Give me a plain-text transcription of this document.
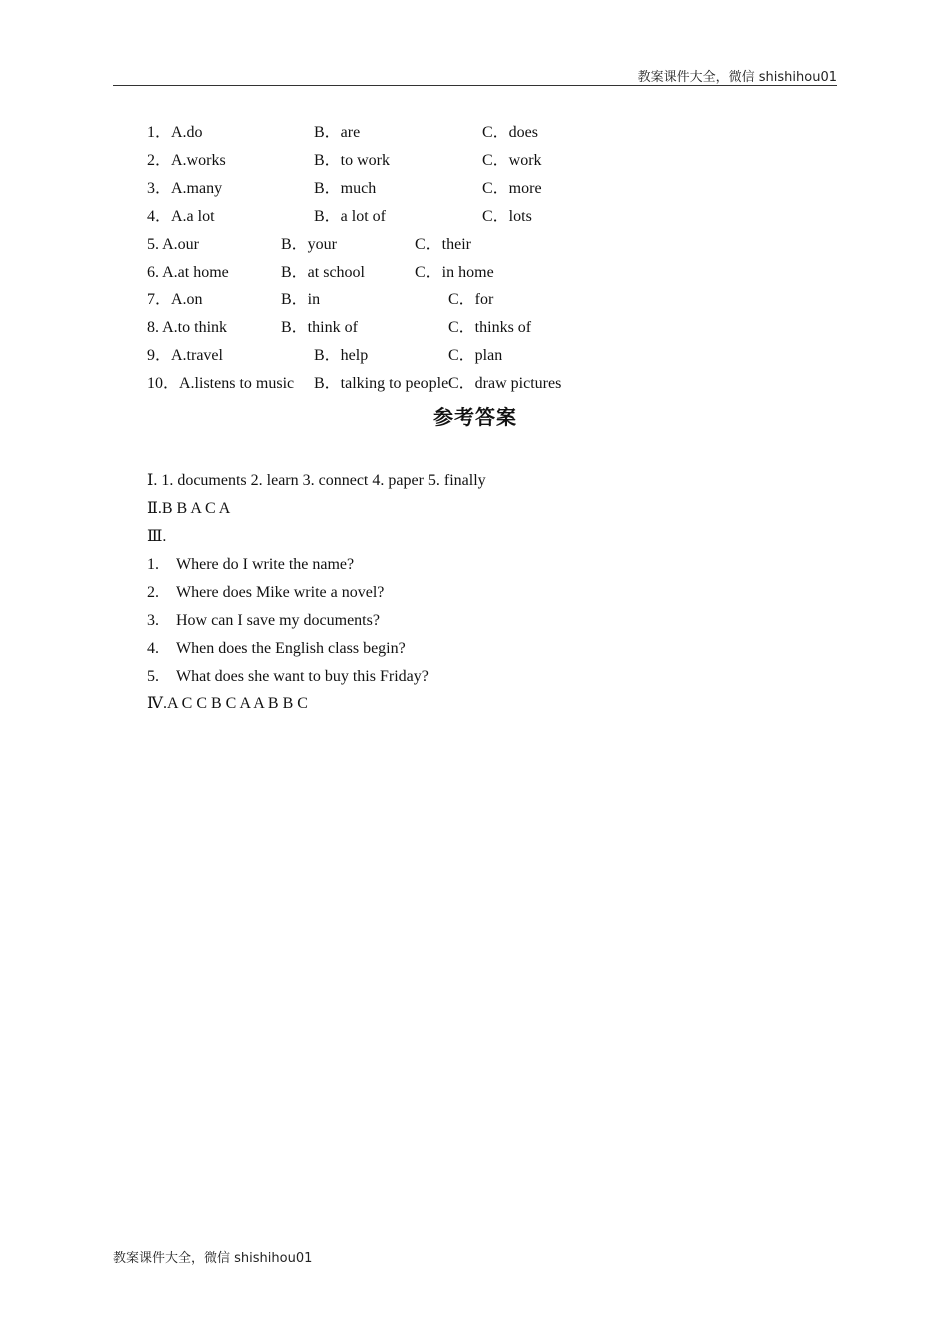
教案课件大全，微信 shishihou01
1．A.do	B．are	C．does
2．A.works	B．to work	C．work
3．A.many	B．much	C．more
4．A.a lot	B．a lot of	C．lots
5. A.our	B．your	C．their
6. A.at home	B．at school	C．in home
7．A.on	B．in	C．for
8. A.to think	B．think of	C．thinks of
9．A.travel	B．help	C．plan
10．A.listens to music B．talking to people C．draw pictures
参考答案
Ⅰ. 1. documents 2. learn 3. connect 4. paper 5. finally
Ⅱ.B B A C A
Ⅲ.
1. Where do I write the name?
2. Where does Mike write a novel?
3. How can I save my documents?
4. When does the English class begin?
5. What does she want to buy this Friday?
Ⅳ.A C C B C A A B B C
教案课件大全，微信 shishihou01
